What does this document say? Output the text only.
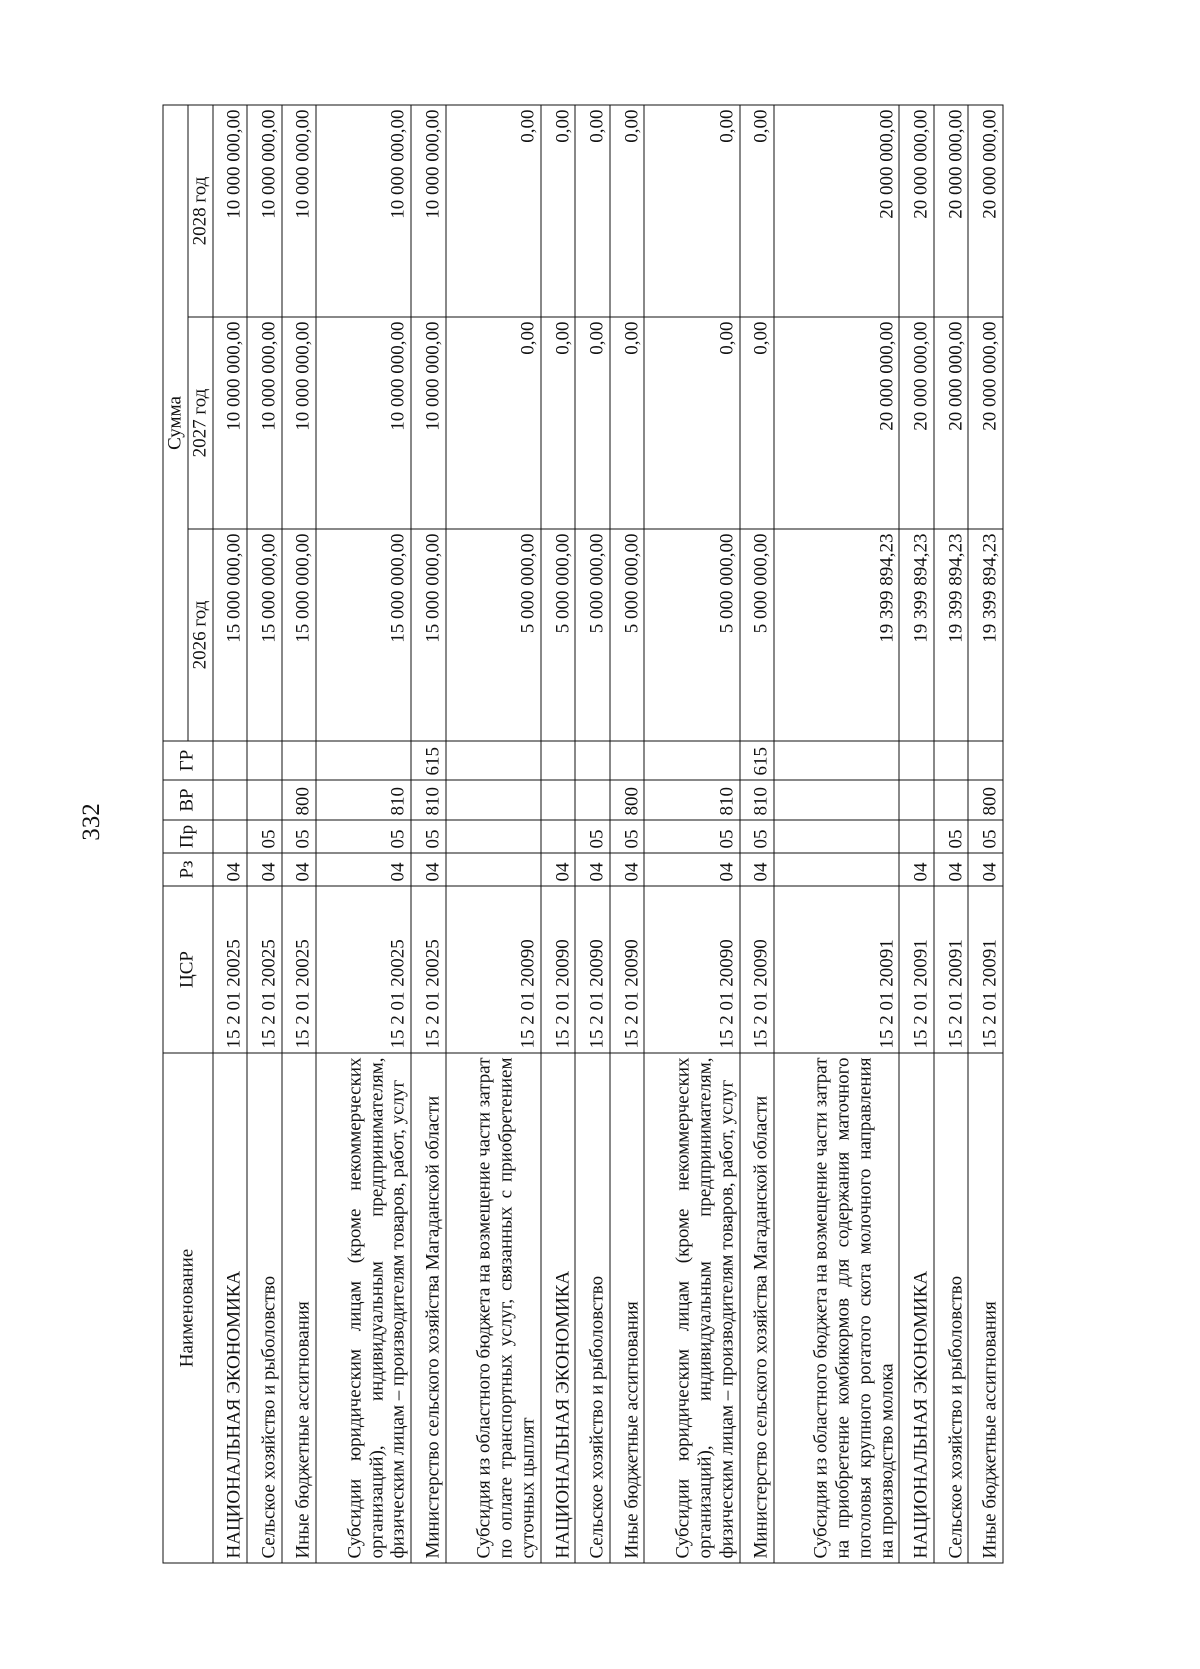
332
Наименование	ЦСР	Рз	Пр	ВР	ГР	Сумма		
						2026 год	2027 год	2028 год
НАЦИОНАЛЬНАЯ ЭКОНОМИКА	15 2 01 20025	04				15 000 000,00	10 000 000,00	10 000 000,00
Сельское хозяйство и рыболовство	15 2 01 20025	04	05			15 000 000,00	10 000 000,00	10 000 000,00
Иные бюджетные ассигнования	15 2 01 20025	04	05	800		15 000 000,00	10 000 000,00	10 000 000,00
Субсидии юридическим лицам (кроме некоммерческих организаций), индивидуальным предпринимателям, физическим лицам – производителям товаров, работ, услуг	15 2 01 20025	04	05	810		15 000 000,00	10 000 000,00	10 000 000,00
Министерство сельского хозяйства Магаданской области	15 2 01 20025	04	05	810	615	15 000 000,00	10 000 000,00	10 000 000,00
Субсидия из областного бюджета на возмещение части затрат по оплате транспортных услуг, связанных с приобретением суточных цыплят	15 2 01 20090					5 000 000,00	0,00	0,00
НАЦИОНАЛЬНАЯ ЭКОНОМИКА	15 2 01 20090	04				5 000 000,00	0,00	0,00
Сельское хозяйство и рыболовство	15 2 01 20090	04	05			5 000 000,00	0,00	0,00
Иные бюджетные ассигнования	15 2 01 20090	04	05	800		5 000 000,00	0,00	0,00
Субсидии юридическим лицам (кроме некоммерческих организаций), индивидуальным предпринимателям, физическим лицам – производителям товаров, работ, услуг	15 2 01 20090	04	05	810		5 000 000,00	0,00	0,00
Министерство сельского хозяйства Магаданской области	15 2 01 20090	04	05	810	615	5 000 000,00	0,00	0,00
Субсидия из областного бюджета на возмещение части затрат на приобретение комбикормов для содержания маточного поголовья крупного рогатого скота молочного направления на производство молока	15 2 01 20091					19 399 894,23	20 000 000,00	20 000 000,00
НАЦИОНАЛЬНАЯ ЭКОНОМИКА	15 2 01 20091	04				19 399 894,23	20 000 000,00	20 000 000,00
Сельское хозяйство и рыболовство	15 2 01 20091	04	05			19 399 894,23	20 000 000,00	20 000 000,00
Иные бюджетные ассигнования	15 2 01 20091	04	05	800		19 399 894,23	20 000 000,00	20 000 000,00
